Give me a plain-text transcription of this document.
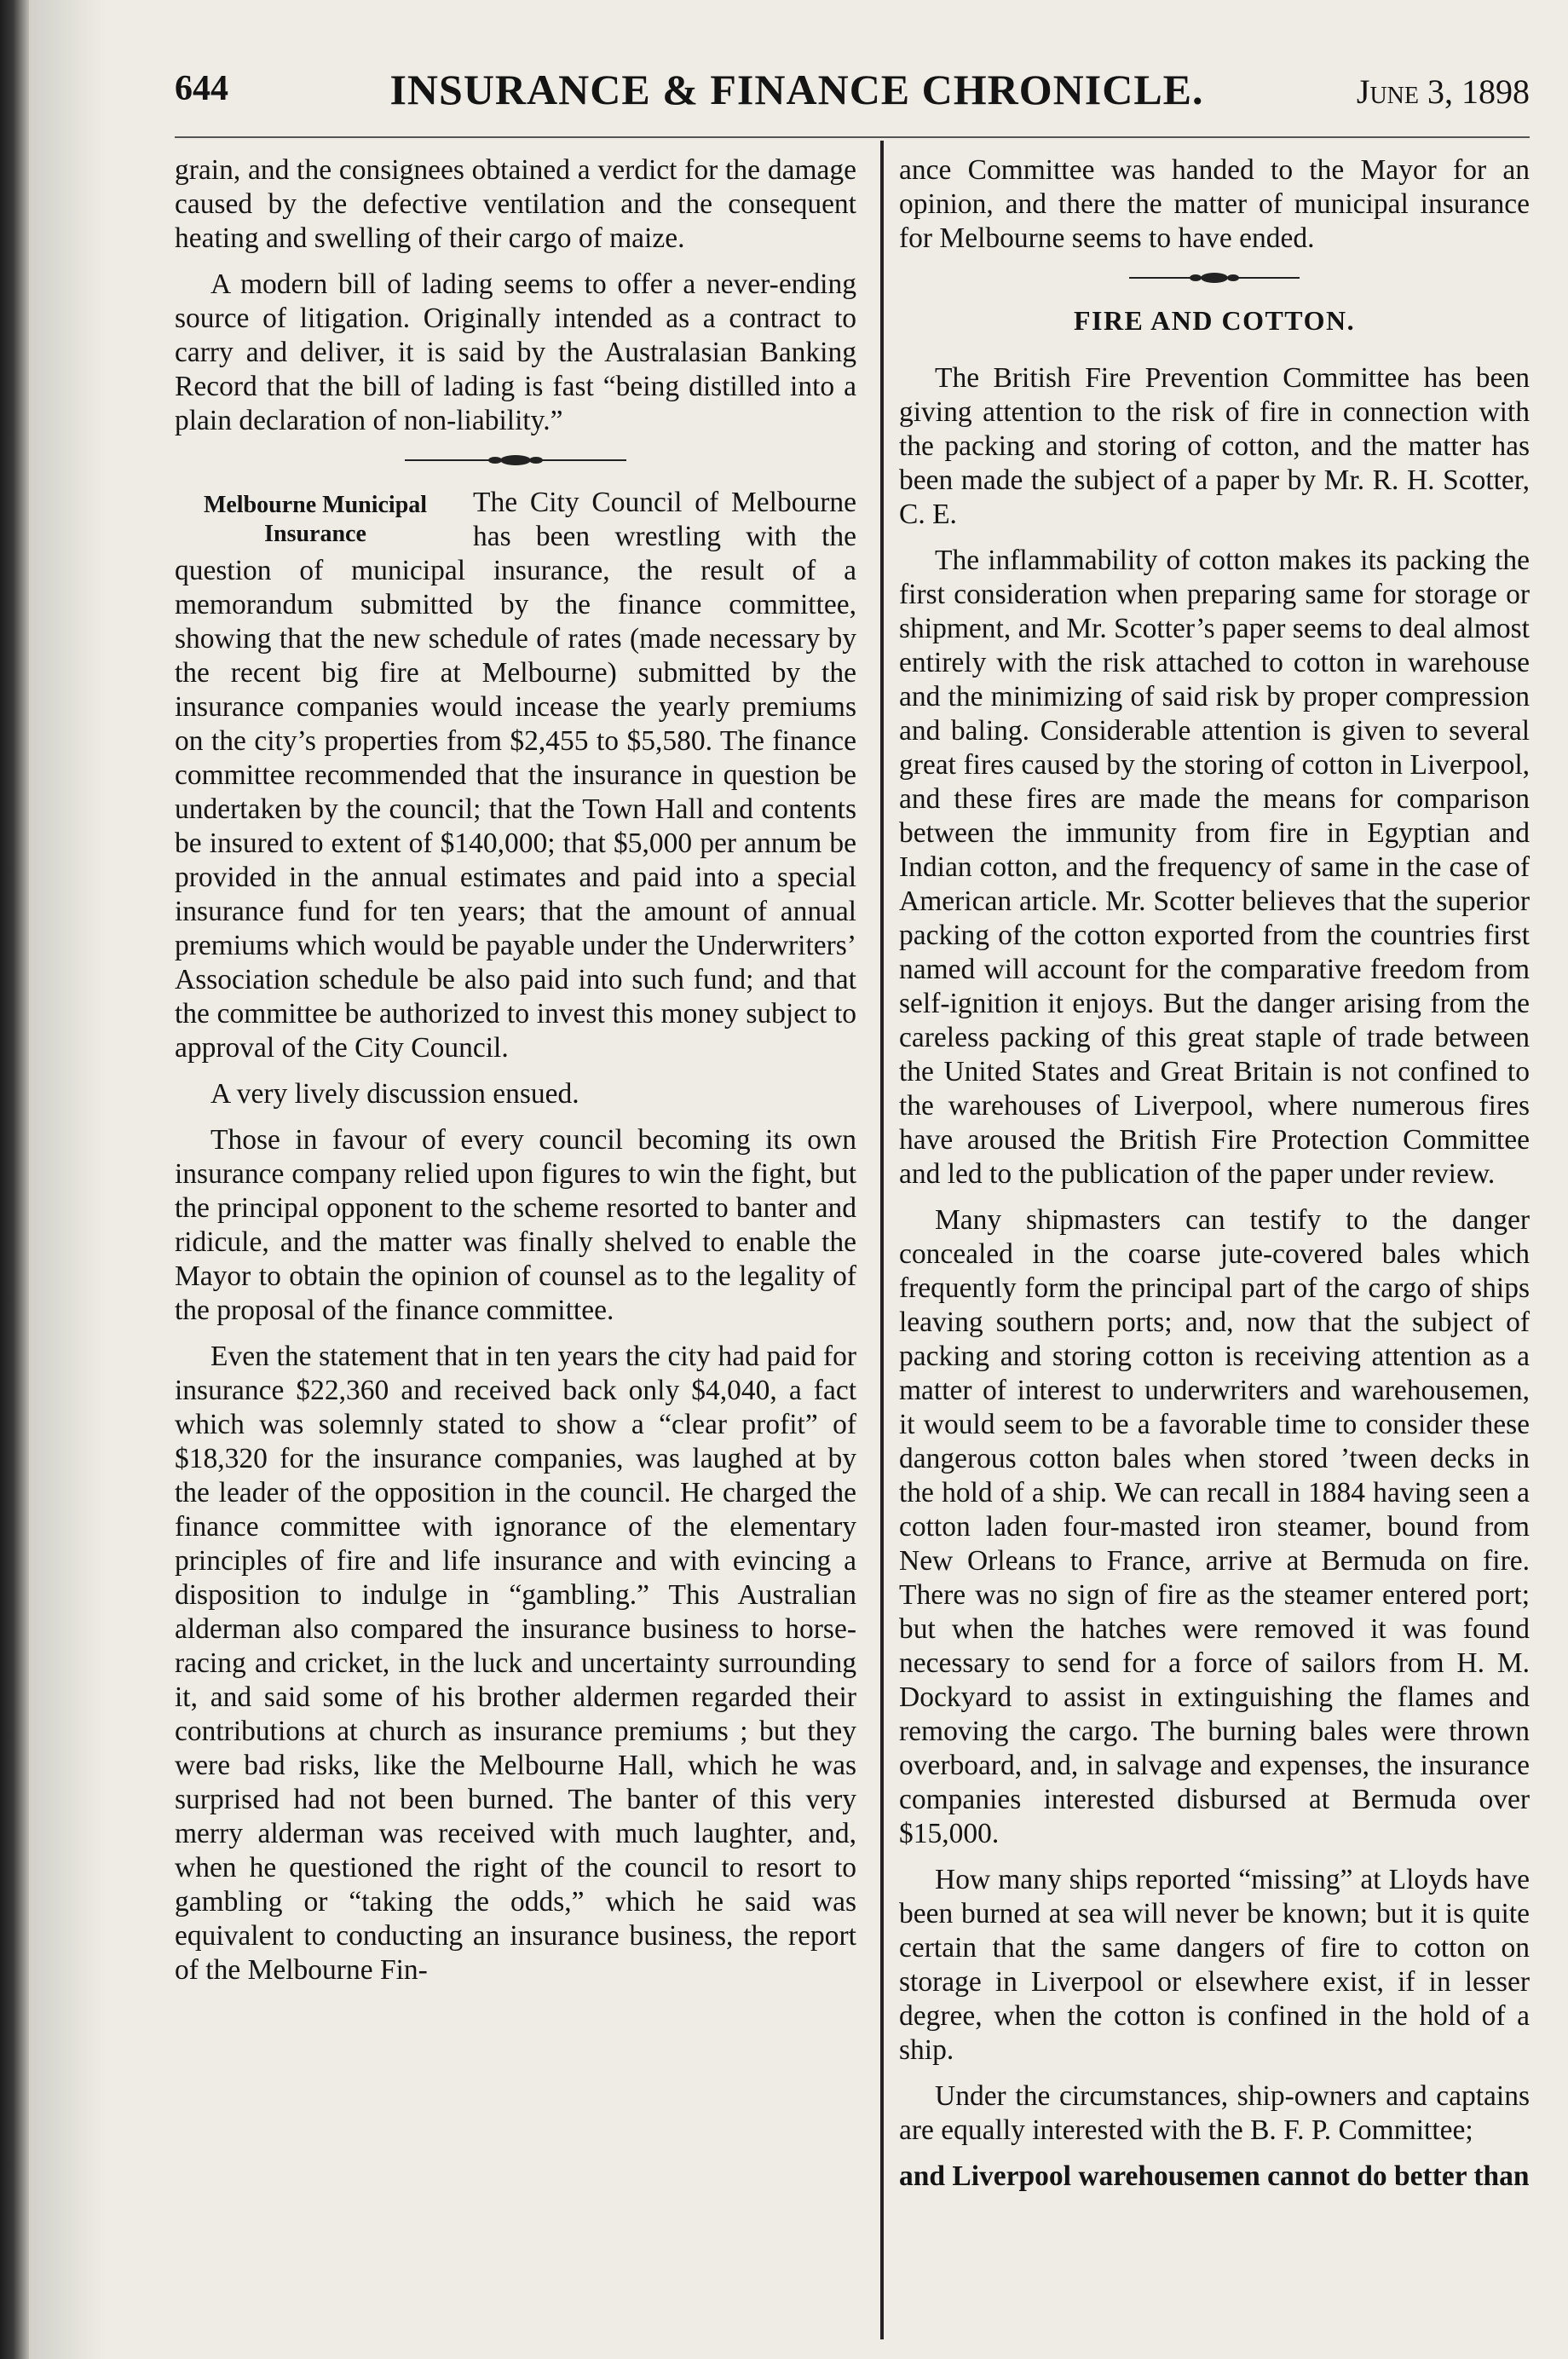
644	INSURANCE & FINANCE CHRONICLE.	June 3, 1898

grain, and the consignees obtained a verdict for the damage caused by the defective ventilation and the consequent heating and swelling of their cargo of maize.

A modern bill of lading seems to offer a never-ending source of litigation. Originally intended as a contract to carry and deliver, it is said by the Australasian Banking Record that the bill of lading is fast “being distilled into a plain declaration of non-liability.”

Melbourne Municipal
Insurance

The City Council of Melbourne has been wrestling with the question of municipal insurance, the result of a memorandum submitted by the finance committee, showing that the new schedule of rates (made necessary by the recent big fire at Melbourne) submitted by the insurance companies would incease the yearly premiums on the city’s properties from $2,455 to $5,580. The finance committee recommended that the insurance in question be undertaken by the council; that the Town Hall and contents be insured to extent of $140,000; that $5,000 per annum be provided in the annual estimates and paid into a special insurance fund for ten years; that the amount of annual premiums which would be payable under the Underwriters’ Association schedule be also paid into such fund; and that the committee be authorized to invest this money subject to approval of the City Council.

A very lively discussion ensued.

Those in favour of every council becoming its own insurance company relied upon figures to win the fight, but the principal opponent to the scheme resorted to banter and ridicule, and the matter was finally shelved to enable the Mayor to obtain the opinion of counsel as to the legality of the proposal of the finance committee.

Even the statement that in ten years the city had paid for insurance $22,360 and received back only $4,040, a fact which was solemnly stated to show a “clear profit” of $18,320 for the insurance companies, was laughed at by the leader of the opposition in the council. He charged the finance committee with ignorance of the elementary principles of fire and life insurance and with evincing a disposition to indulge in “gambling.” This Australian alderman also compared the insurance business to horse-racing and cricket, in the luck and uncertainty surrounding it, and said some of his brother aldermen regarded their contributions at church as insurance premiums ; but they were bad risks, like the Melbourne Hall, which he was surprised had not been burned. The banter of this very merry alderman was received with much laughter, and, when he questioned the right of the council to resort to gambling or “taking the odds,” which he said was equivalent to conducting an insurance business, the report of the Melbourne Fin-

ance Committee was handed to the Mayor for an opinion, and there the matter of municipal insurance for Melbourne seems to have ended.

FIRE AND COTTON.

The British Fire Prevention Committee has been giving attention to the risk of fire in connection with the packing and storing of cotton, and the matter has been made the subject of a paper by Mr. R. H. Scotter, C. E.

The inflammability of cotton makes its packing the first consideration when preparing same for storage or shipment, and Mr. Scotter’s paper seems to deal almost entirely with the risk attached to cotton in warehouse and the minimizing of said risk by proper compression and baling. Considerable attention is given to several great fires caused by the storing of cotton in Liverpool, and these fires are made the means for comparison between the immunity from fire in Egyptian and Indian cotton, and the frequency of same in the case of American article. Mr. Scotter believes that the superior packing of the cotton exported from the countries first named will account for the comparative freedom from self-ignition it enjoys. But the danger arising from the careless packing of this great staple of trade between the United States and Great Britain is not confined to the warehouses of Liverpool, where numerous fires have aroused the British Fire Protection Committee and led to the publication of the paper under review.

Many shipmasters can testify to the danger concealed in the coarse jute-covered bales which frequently form the principal part of the cargo of ships leaving southern ports; and, now that the subject of packing and storing cotton is receiving attention as a matter of interest to underwriters and warehousemen, it would seem to be a favorable time to consider these dangerous cotton bales when stored ’tween decks in the hold of a ship. We can recall in 1884 having seen a cotton laden four-masted iron steamer, bound from New Orleans to France, arrive at Bermuda on fire. There was no sign of fire as the steamer entered port; but when the hatches were removed it was found necessary to send for a force of sailors from H. M. Dockyard to assist in extinguishing the flames and removing the cargo. The burning bales were thrown overboard, and, in salvage and expenses, the insurance companies interested disbursed at Bermuda over $15,000.

How many ships reported “missing” at Lloyds have been burned at sea will never be known; but it is quite certain that the same dangers of fire to cotton on storage in Liverpool or elsewhere exist, if in lesser degree, when the cotton is confined in the hold of a ship.

Under the circumstances, ship-owners and captains are equally interested with the B. F. P. Committee;

and Liverpool warehousemen cannot do better than
